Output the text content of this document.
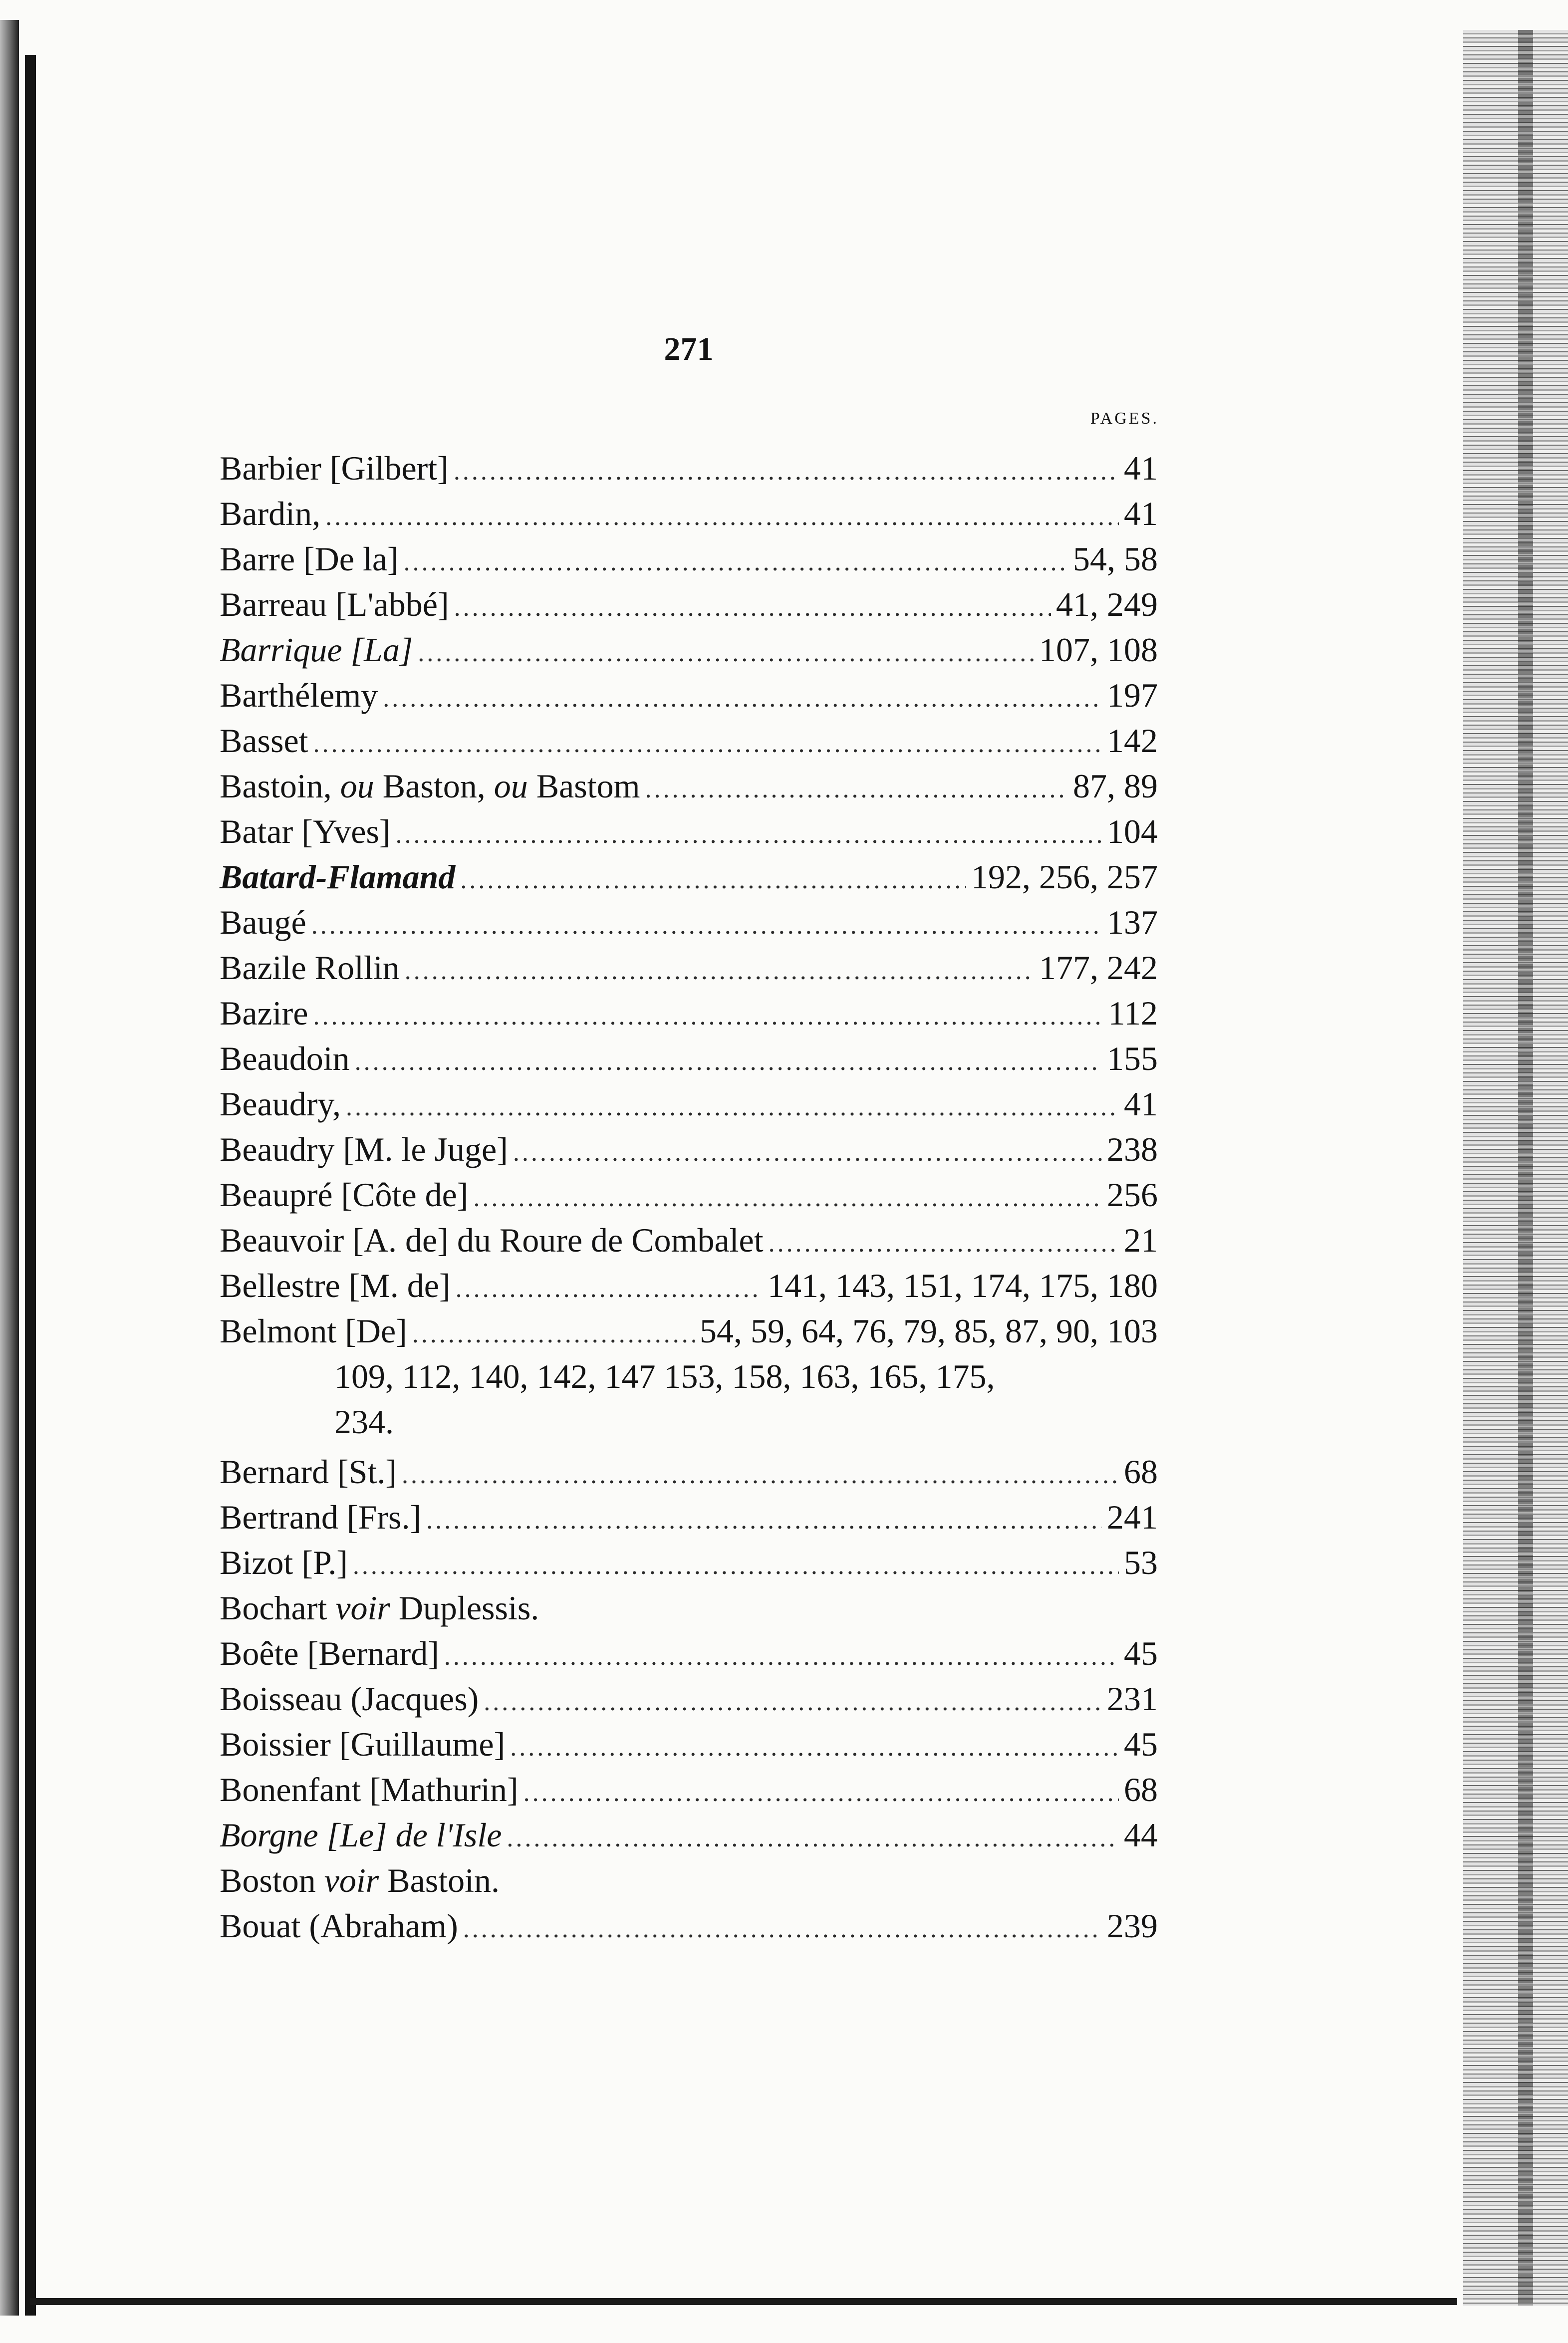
271
PAGES.
Barbier [Gilbert] .....	41
Bardin, .....	41
Barre [De la] .....	54, 58
Barreau [L'abbé] .....	41, 249
Barrique [La] .....	107, 108
Barthélemy .....	197
Basset .....	142
Bastoin, ou Baston, ou Bastom .....	87, 89
Batar [Yves] .....	104
Batard-Flamand .....	192, 256, 257
Baugé .....	137
Bazile Rollin .....	177, 242
Bazire .....	112
Beaudoin .....	155
Beaudry, .....	41
Beaudry [M. le Juge] .....	238
Beaupré [Côte de] .....	256
Beauvoir [A. de] du Roure de Combalet .....	21
Bellestre [M. de] .....	141, 143, 151, 174, 175, 180
Belmont [De] .....	54, 59, 64, 76, 79, 85, 87, 90, 103
109, 112, 140, 142, 147 153, 158, 163, 165, 175,
234.
Bernard [St.] .....	68
Bertrand [Frs.] .....	241
Bizot [P.] .....	53
Bochart voir Duplessis.
Boête [Bernard] .....	45
Boisseau (Jacques) .....	231
Boissier [Guillaume] .....	45
Bonenfant [Mathurin] .....	68
Borgne [Le] de l'Isle .....	44
Boston voir Bastoin.
Bouat (Abraham) .....	239
